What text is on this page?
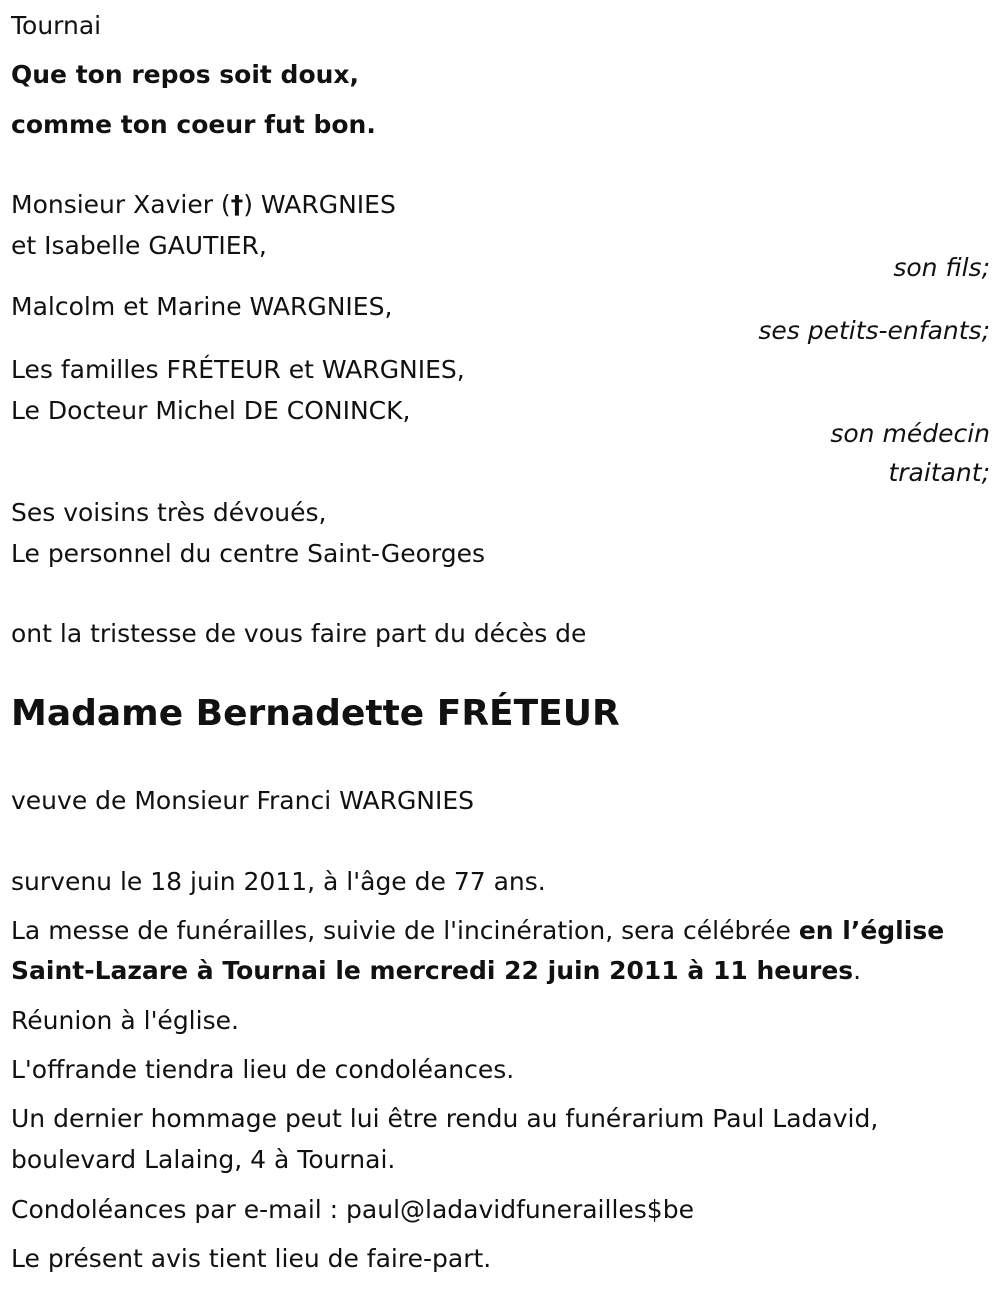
Tournai
Que ton repos soit doux,
comme ton coeur fut bon.
Monsieur Xavier (†) WARGNIES
et Isabelle GAUTIER,
son fils;
Malcolm et Marine WARGNIES,
ses petits-enfants;
Les familles FRÉTEUR et WARGNIES,
Le Docteur Michel DE CONINCK,
son médecin
traitant;
Ses voisins très dévoués,
Le personnel du centre Saint-Georges
ont la tristesse de vous faire part du décès de
Madame Bernadette FRÉTEUR
veuve de Monsieur Franci WARGNIES
survenu le 18 juin 2011, à l'âge de 77 ans.
La messe de funérailles, suivie de l'incinération, sera célébrée en l’église
Saint-Lazare à Tournai le mercredi 22 juin 2011 à 11 heures.
Réunion à l'église.
L'offrande tiendra lieu de condoléances.
Un dernier hommage peut lui être rendu au funérarium Paul Ladavid,
boulevard Lalaing, 4 à Tournai.
Condoléances par e-mail : paul@ladavidfunerailles$be
Le présent avis tient lieu de faire-part.
